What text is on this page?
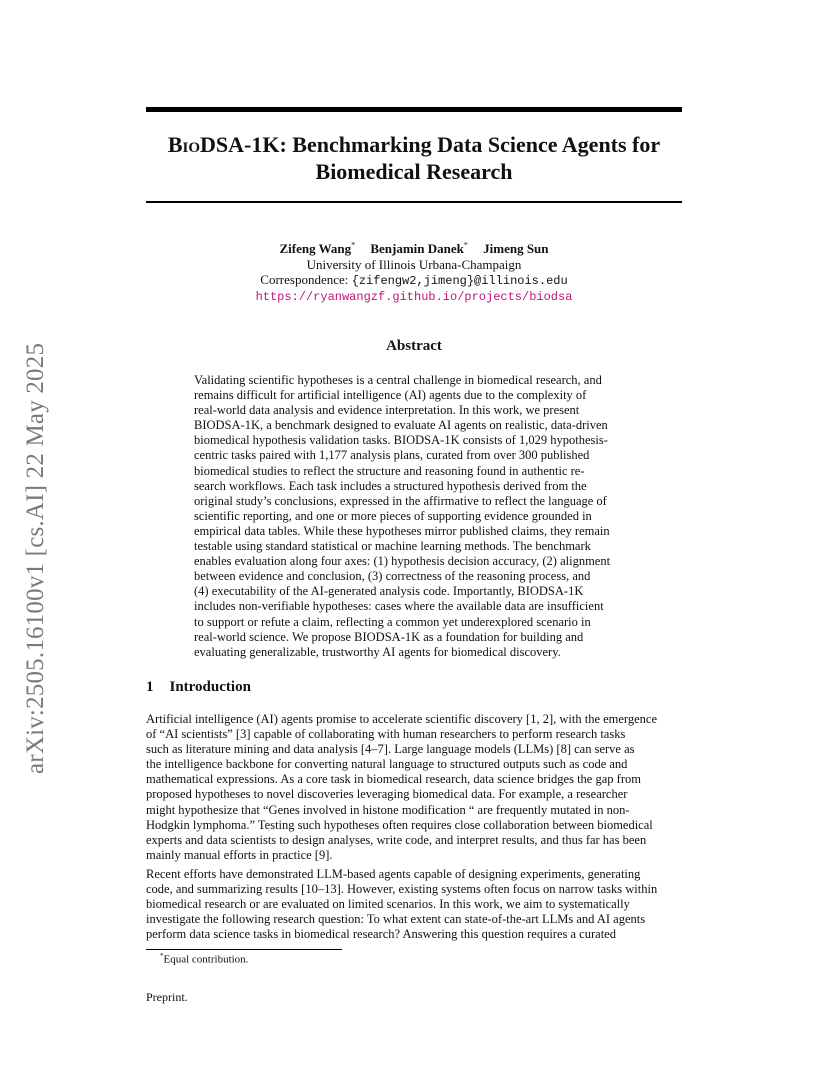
arXiv:2505.16100v1 [cs.AI] 22 May 2025
BioDSA-1K: Benchmarking Data Science Agents for
Biomedical Research
Zifeng Wang* Benjamin Danek* Jimeng Sun
University of Illinois Urbana-Champaign
Correspondence: {zifengw2,jimeng}@illinois.edu
https://ryanwangzf.github.io/projects/biodsa
Abstract
Validating scientific hypotheses is a central challenge in biomedical research, and
remains difficult for artificial intelligence (AI) agents due to the complexity of
real-world data analysis and evidence interpretation. In this work, we present
BIODSA-1K, a benchmark designed to evaluate AI agents on realistic, data-driven
biomedical hypothesis validation tasks. BIODSA-1K consists of 1,029 hypothesis-
centric tasks paired with 1,177 analysis plans, curated from over 300 published
biomedical studies to reflect the structure and reasoning found in authentic re-
search workflows. Each task includes a structured hypothesis derived from the
original study’s conclusions, expressed in the affirmative to reflect the language of
scientific reporting, and one or more pieces of supporting evidence grounded in
empirical data tables. While these hypotheses mirror published claims, they remain
testable using standard statistical or machine learning methods. The benchmark
enables evaluation along four axes: (1) hypothesis decision accuracy, (2) alignment
between evidence and conclusion, (3) correctness of the reasoning process, and
(4) executability of the AI-generated analysis code. Importantly, BIODSA-1K
includes non-verifiable hypotheses: cases where the available data are insufficient
to support or refute a claim, reflecting a common yet underexplored scenario in
real-world science. We propose BIODSA-1K as a foundation for building and
evaluating generalizable, trustworthy AI agents for biomedical discovery.
1 Introduction
Artificial intelligence (AI) agents promise to accelerate scientific discovery [1, 2], with the emergence
of “AI scientists” [3] capable of collaborating with human researchers to perform research tasks
such as literature mining and data analysis [4–7]. Large language models (LLMs) [8] can serve as
the intelligence backbone for converting natural language to structured outputs such as code and
mathematical expressions. As a core task in biomedical research, data science bridges the gap from
proposed hypotheses to novel discoveries leveraging biomedical data. For example, a researcher
might hypothesize that “Genes involved in histone modification “ are frequently mutated in non-
Hodgkin lymphoma.” Testing such hypotheses often requires close collaboration between biomedical
experts and data scientists to design analyses, write code, and interpret results, and thus far has been
mainly manual efforts in practice [9].
Recent efforts have demonstrated LLM-based agents capable of designing experiments, generating
code, and summarizing results [10–13]. However, existing systems often focus on narrow tasks within
biomedical research or are evaluated on limited scenarios. In this work, we aim to systematically
investigate the following research question: To what extent can state-of-the-art LLMs and AI agents
perform data science tasks in biomedical research? Answering this question requires a curated
*Equal contribution.
Preprint.
